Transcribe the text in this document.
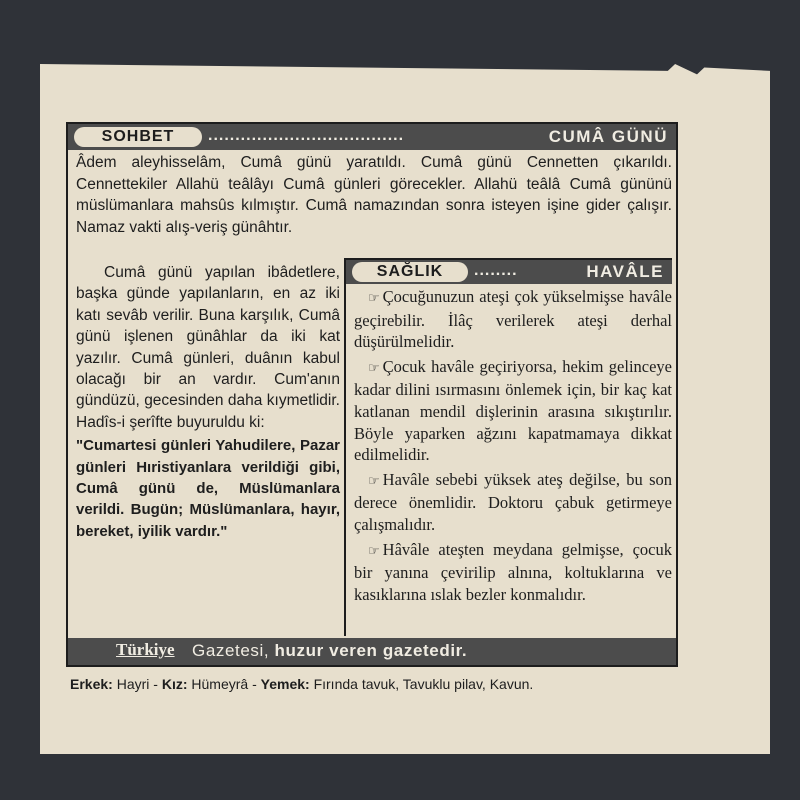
SOHBET	....................................	CUMÂ GÜNÜ

Âdem aleyhisselâm, Cumâ günü yaratıldı. Cumâ günü Cennetten çıkarıldı. Cennettekiler Allahü teâlâyı Cumâ günleri görecekler. Allahü teâlâ Cumâ gününü müslümanlara mahsûs kılmıştır. Cumâ namazından sonra isteyen işine gider çalışır. Namaz vakti alış-veriş günâhtır.

Cumâ günü yapılan ibâdetlere, başka günde yapılanların, en az iki katı sevâb verilir. Buna karşılık, Cumâ günü işlenen günâhlar da iki kat yazılır. Cumâ günleri, duânın kabul olacağı bir an vardır. Cum'anın gündüzü, gecesinden daha kıymetlidir. Hadîs-i şerîfte buyuruldu ki:

"Cumartesi günleri Yahudilere, Pazar günleri Hıristiyanlara verildiği gibi, Cumâ günü de, Müslümanlara verildi. Bugün; Müslümanlara, hayır, bereket, iyilik vardır."

SAĞLIK	........	HAVÂLE

☞ Çocuğunuzun ateşi çok yükselmişse havâle geçirebilir. İlâç verilerek ateşi derhal düşürülmelidir.

☞ Çocuk havâle geçiriyorsa, hekim gelinceye kadar dilini ısırmasını önlemek için, bir kaç kat katlanan mendil dişlerinin arasına sıkıştırılır. Böyle yaparken ağzını kapatmamaya dikkat edilmelidir.

☞ Havâle sebebi yüksek ateş değilse, bu son derece önemlidir. Doktoru çabuk getirmeye çalışmalıdır.

☞ Hâvâle ateşten meydana gelmişse, çocuk bir yanına çevirilip alnına, koltuklarına ve kasıklarına ıslak bezler konmalıdır.

Türkiye Gazetesi, huzur veren gazetedir.
Erkek: Hayri - Kız: Hümeyrâ - Yemek: Fırında tavuk, Tavuklu pilav, Kavun.
